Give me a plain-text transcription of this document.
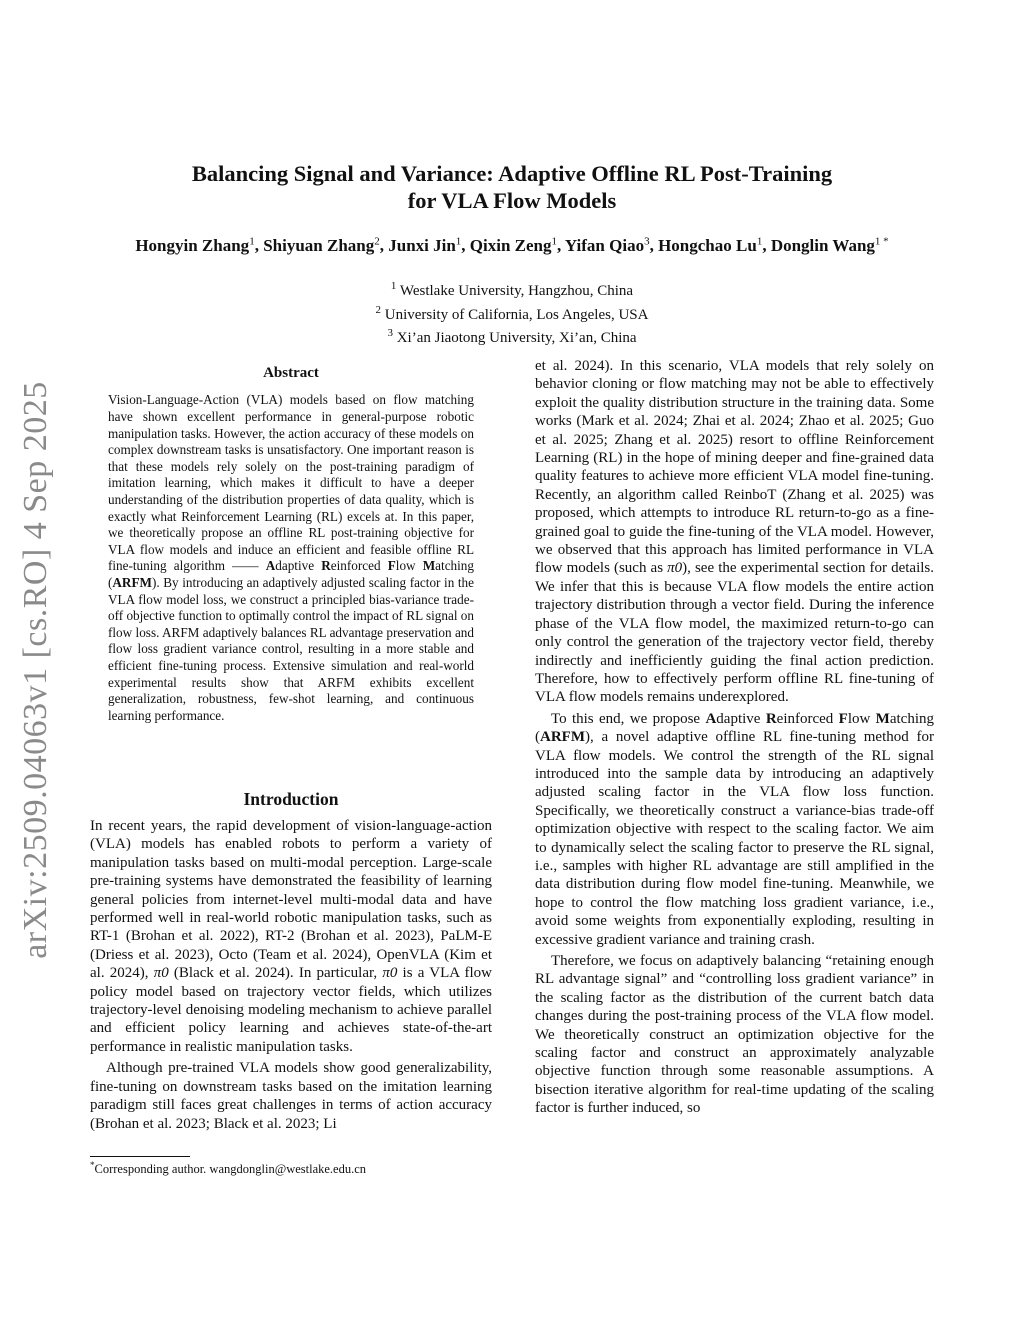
arXiv:2509.04063v1 [cs.RO] 4 Sep 2025
Balancing Signal and Variance: Adaptive Offline RL Post-Training
for VLA Flow Models
Hongyin Zhang$^1$, Shiyuan Zhang$^2$, Junxi Jin$^1$, Qixin Zeng$^1$, Yifan Qiao$^3$, Hongchao Lu$^1$, Donglin Wang$^{1 *}$
$^1$ Westlake University, Hangzhou, China
$^2$ University of California, Los Angeles, USA
$^3$ Xi’an Jiaotong University, Xi’an, China
Abstract
Vision-Language-Action (VLA) models based on flow matching have shown excellent performance in general-purpose robotic manipulation tasks. However, the action accuracy of these models on complex downstream tasks is unsatisfactory. One important reason is that these models rely solely on the post-training paradigm of imitation learning, which makes it difficult to have a deeper understanding of the distribution properties of data quality, which is exactly what Reinforcement Learning (RL) excels at. In this paper, we theoretically propose an offline RL post-training objective for VLA flow models and induce an efficient and feasible offline RL fine-tuning algorithm —— Adaptive Reinforced Flow Matching (ARFM). By introducing an adaptively adjusted scaling factor in the VLA flow model loss, we construct a principled bias-variance trade-off objective function to optimally control the impact of RL signal on flow loss. ARFM adaptively balances RL advantage preservation and flow loss gradient variance control, resulting in a more stable and efficient fine-tuning process. Extensive simulation and real-world experimental results show that ARFM exhibits excellent generalization, robustness, few-shot learning, and continuous learning performance.
Introduction

In recent years, the rapid development of vision-language-action (VLA) models has enabled robots to perform a variety of manipulation tasks based on multi-modal perception. Large-scale pre-training systems have demonstrated the feasibility of learning general policies from internet-level multi-modal data and have performed well in real-world robotic manipulation tasks, such as RT-1 (Brohan et al. 2022), RT-2 (Brohan et al. 2023), PaLM-E (Driess et al. 2023), Octo (Team et al. 2024), OpenVLA (Kim et al. 2024), π0 (Black et al. 2024). In particular, π0 is a VLA flow policy model based on trajectory vector fields, which utilizes trajectory-level denoising modeling mechanism to achieve parallel and efficient policy learning and achieves state-of-the-art performance in realistic manipulation tasks.

Although pre-trained VLA models show good generalizability, fine-tuning on downstream tasks based on the imitation learning paradigm still faces great challenges in terms of action accuracy (Brohan et al. 2023; Black et al. 2023; Li

et al. 2024). In this scenario, VLA models that rely solely on behavior cloning or flow matching may not be able to effectively exploit the quality distribution structure in the training data. Some works (Mark et al. 2024; Zhai et al. 2024; Zhao et al. 2025; Guo et al. 2025; Zhang et al. 2025) resort to offline Reinforcement Learning (RL) in the hope of mining deeper and fine-grained data quality features to achieve more efficient VLA model fine-tuning. Recently, an algorithm called ReinboT (Zhang et al. 2025) was proposed, which attempts to introduce RL return-to-go as a fine-grained goal to guide the fine-tuning of the VLA model. However, we observed that this approach has limited performance in VLA flow models (such as π0), see the experimental section for details. We infer that this is because VLA flow models the entire action trajectory distribution through a vector field. During the inference phase of the VLA flow model, the maximized return-to-go can only control the generation of the trajectory vector field, thereby indirectly and inefficiently guiding the final action prediction. Therefore, how to effectively perform offline RL fine-tuning of VLA flow models remains underexplored.

To this end, we propose Adaptive Reinforced Flow Matching (ARFM), a novel adaptive offline RL fine-tuning method for VLA flow models. We control the strength of the RL signal introduced into the sample data by introducing an adaptively adjusted scaling factor in the VLA flow loss function. Specifically, we theoretically construct a variance-bias trade-off optimization objective with respect to the scaling factor. We aim to dynamically select the scaling factor to preserve the RL signal, i.e., samples with higher RL advantage are still amplified in the data distribution during flow model fine-tuning. Meanwhile, we hope to control the flow matching loss gradient variance, i.e., avoid some weights from exponentially exploding, resulting in excessive gradient variance and training crash.

Therefore, we focus on adaptively balancing “retaining enough RL advantage signal” and “controlling loss gradient variance” in the scaling factor as the distribution of the current batch data changes during the post-training process of the VLA flow model. We theoretically construct an optimization objective for the scaling factor and construct an approximately analyzable objective function through some reasonable assumptions. A bisection iterative algorithm for real-time updating of the scaling factor is further induced, so

*Corresponding author. wangdonglin@westlake.edu.cn
